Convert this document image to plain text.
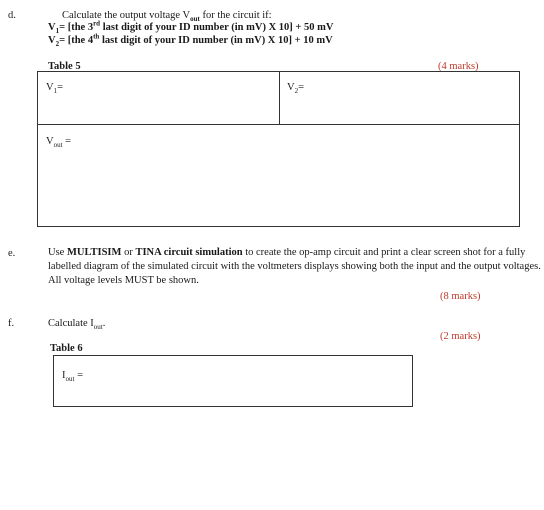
d.	Calculate the output voltage $V_{out}$ for the circuit if:
$V_1= [the$ 3rd last digit of your ID number (in mV) X 10] + 50 mV
$V_2= [the$ 4th last digit of your ID number (in mV) X 10] + 10 mV
Table 5	(4 marks)
$V_1=$	$V_2=$
$V_{out}$ =
e.	Use MULTISIM or TINA circuit simulation to create the op-amp circuit and print a clear screen shot for a fully labelled diagram of the simulated circuit with the voltmeters displays showing both the input and the output voltages. All voltage levels MUST be shown.
(8 marks)
f.	Calculate $I_{out}$.
(2 marks)
Table 6
$I_{out}$ =
